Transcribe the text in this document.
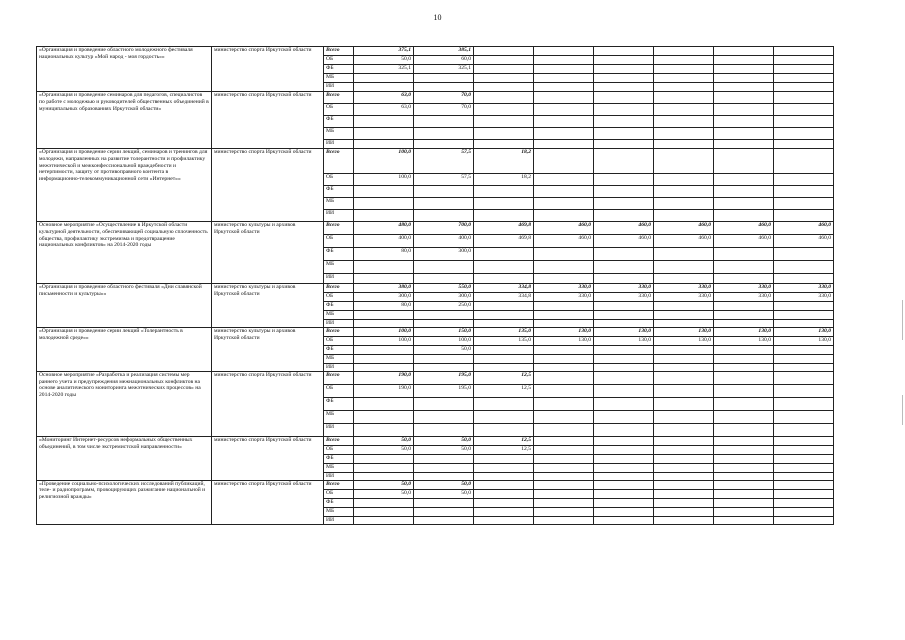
10
«Организация и проведение областного молодежного фестиваля национальных культур «Мой народ - моя гордость»»	министерство спорта Иркутской области	Всего	375,1	385,1						
		ОБ	50,0	60,0						
		ФБ	325,1	325,1						
		МБ								
		ИИ								
«Организация и проведение семинаров для педагогов, специалистов по работе с молодежью и руководителей общественных объединений в муниципальных образованиях Иркутской области»	министерство спорта Иркутской области	Всего	63,0	70,0						
		ОБ	63,0	70,0						
		ФБ								
		МБ								
		ИИ								
«Организация и проведение серии лекций, семинаров и тренингов для молодежи, направленных на развитие толерантности и профилактику межэтнической и межконфессиональной враждебности и нетерпимости, защиту от противоправного контента в информационно-телекоммуникационной сети «Интернет»»	министерство спорта Иркутской области	Всего	100,0	57,5	18,2					
		ОБ	100,0	57,5	18,2					
		ФБ								
		МБ								
		ИИ								
Основное мероприятие «Осуществление в Иркутской области культурной деятельности, обеспечивающей социальную сплоченность общества, профилактику экстремизма и предотвращение национальных конфликтов» на 2014-2020 годы	министерство культуры и архивов Иркутской области	Всего	480,0	700,0	469,8	460,0	460,0	460,0	460,0	460,0
		ОБ	400,0	400,0	469,8	460,0	460,0	460,0	460,0	460,0
		ФБ	80,0	300,0						
		МБ								
		ИИ								
«Организация и проведение областного фестиваля «Дни славянской письменности и культуры»»	министерство культуры и архивов Иркутской области	Всего	380,0	550,0	334,8	330,0	330,0	330,0	330,0	330,0
		ОБ	300,0	300,0	334,8	330,0	330,0	330,0	330,0	330,0
		ФБ	80,0	250,0						
		МБ								
		ИИ								
«Организация и проведение серии лекций «Толерантность в молодежной среде»»	министерство культуры и архивов Иркутской области	Всего	100,0	150,0	135,0	130,0	130,0	130,0	130,0	130,0
		ОБ	100,0	100,0	135,0	130,0	130,0	130,0	130,0	130,0
		ФБ		50,0						
		МБ								
		ИИ								
Основное мероприятие «Разработка и реализация системы мер раннего учета и предупреждения межнациональных конфликтов на основе аналитического мониторинга межэтнических процессов» на 2014-2020 годы	министерство спорта Иркутской области	Всего	190,0	195,0	12,5					
		ОБ	190,0	195,0	12,5					
		ФБ								
		МБ								
		ИИ								
«Мониторинг Интернет-ресурсов неформальных общественных объединений, в том числе экстремистской направленности»	министерство спорта Иркутской области	Всего	50,0	50,0	12,5					
		ОБ	50,0	50,0	12,5					
		ФБ								
		МБ								
		ИИ								
«Проведение социально-психологических исследований публикаций, теле- и радиопрограмм, провоцирующих разжигание национальной и религиозной вражды»	министерство спорта Иркутской области	Всего	50,0	50,0						
		ОБ	50,0	50,0						
		ФБ								
		МБ								
		ИИ								
